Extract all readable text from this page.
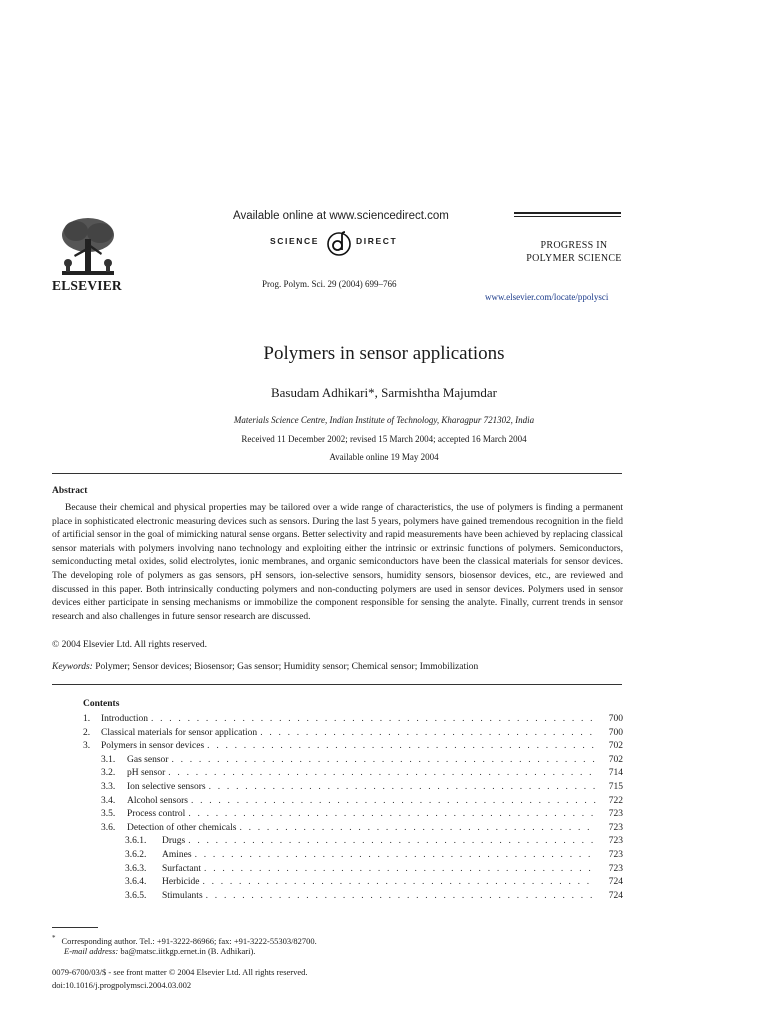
ELSEVIER
Available online at www.sciencedirect.com
SCIENCE	DIRECT
Prog. Polym. Sci. 29 (2004) 699–766
PROGRESS IN
POLYMER SCIENCE
www.elsevier.com/locate/ppolysci
Polymers in sensor applications
Basudam Adhikari*, Sarmishtha Majumdar
Materials Science Centre, Indian Institute of Technology, Kharagpur 721302, India
Received 11 December 2002; revised 15 March 2004; accepted 16 March 2004
Available online 19 May 2004
Abstract
Because their chemical and physical properties may be tailored over a wide range of characteristics, the use of polymers is finding a permanent place in sophisticated electronic measuring devices such as sensors. During the last 5 years, polymers have gained tremendous recognition in the field of artificial sensor in the goal of mimicking natural sense organs. Better selectivity and rapid measurements have been achieved by replacing classical sensor materials with polymers involving nano technology and exploiting either the intrinsic or extrinsic functions of polymers. Semiconductors, semiconducting metal oxides, solid electrolytes, ionic membranes, and organic semiconductors have been the classical materials for sensor devices. The developing role of polymers as gas sensors, pH sensors, ion-selective sensors, humidity sensors, biosensor devices, etc., are reviewed and discussed in this paper. Both intrinsically conducting polymers and non-conducting polymers are used in sensor devices. Polymers used in sensor devices either participate in sensing mechanisms or immobilize the component responsible for sensing the analyte. Finally, current trends in sensor research and also challenges in future sensor research are discussed.
© 2004 Elsevier Ltd. All rights reserved.
Keywords: Polymer; Sensor devices; Biosensor; Gas sensor; Humidity sensor; Chemical sensor; Immobilization
Contents
1. Introduction . . .	700
2. Classical materials for sensor application . . .	700
3. Polymers in sensor devices . . .	702
3.1. Gas sensor . . .	702
3.2. pH sensor . . .	714
3.3. Ion selective sensors . . .	715
3.4. Alcohol sensors . . .	722
3.5. Process control . . .	723
3.6. Detection of other chemicals . . .	723
3.6.1. Drugs . . .	723
3.6.2. Amines . . .	723
3.6.3. Surfactant . . .	723
3.6.4. Herbicide . . .	724
3.6.5. Stimulants . . .	724
* Corresponding author. Tel.: +91-3222-86966; fax: +91-3222-55303/82700.
E-mail address: ba@matsc.iitkgp.ernet.in (B. Adhikari).
0079-6700/03/$ - see front matter © 2004 Elsevier Ltd. All rights reserved.
doi:10.1016/j.progpolymsci.2004.03.002
